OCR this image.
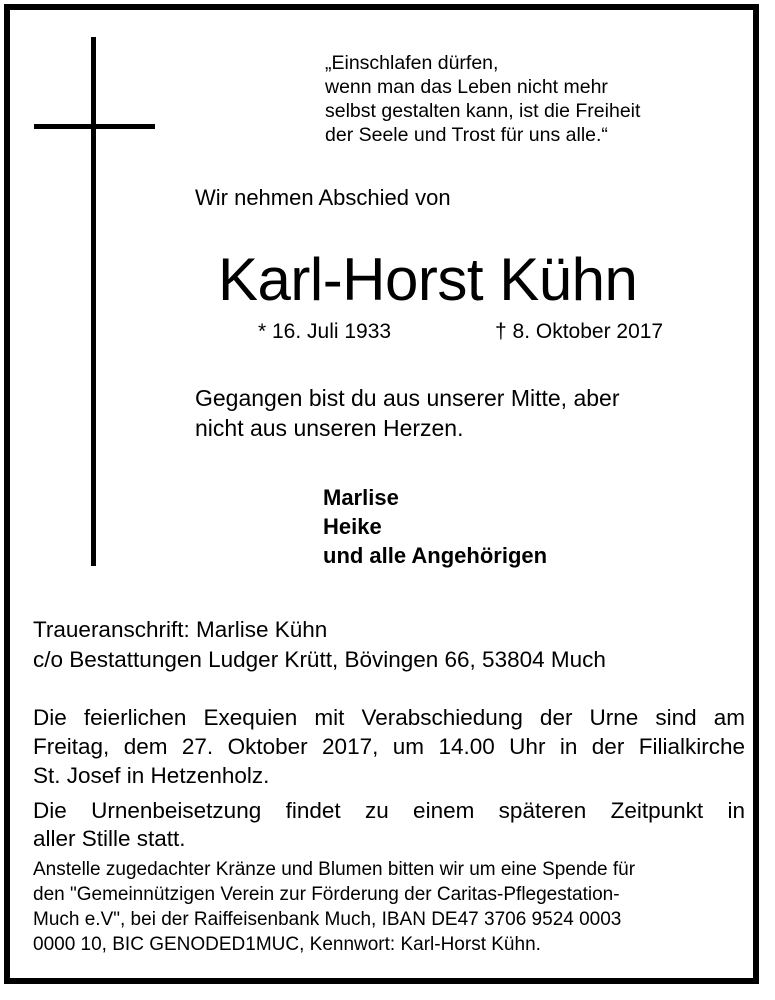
„Einschlafen dürfen,
wenn man das Leben nicht mehr
selbst gestalten kann, ist die Freiheit
der Seele und Trost für uns alle.“
Wir nehmen Abschied von
Karl-Horst Kühn
* 16. Juli 1933	† 8. Oktober 2017
Gegangen bist du aus unserer Mitte, aber
nicht aus unseren Herzen.
Marlise
Heike
und alle Angehörigen
Traueranschrift: Marlise Kühn
c/o Bestattungen Ludger Krütt, Bövingen 66, 53804 Much
Die feierlichen Exequien mit Verabschiedung der Urne sind am
Freitag, dem 27. Oktober 2017, um 14.00 Uhr in der Filialkirche
St. Josef in Hetzenholz.
Die Urnenbeisetzung findet zu einem späteren Zeitpunkt in
aller Stille statt.
Anstelle zugedachter Kränze und Blumen bitten wir um eine Spende für
den "Gemeinnützigen Verein zur Förderung der Caritas-Pflegestation-
Much e.V", bei der Raiffeisenbank Much, IBAN DE47 3706 9524 0003
0000 10, BIC GENODED1MUC, Kennwort: Karl-Horst Kühn.
